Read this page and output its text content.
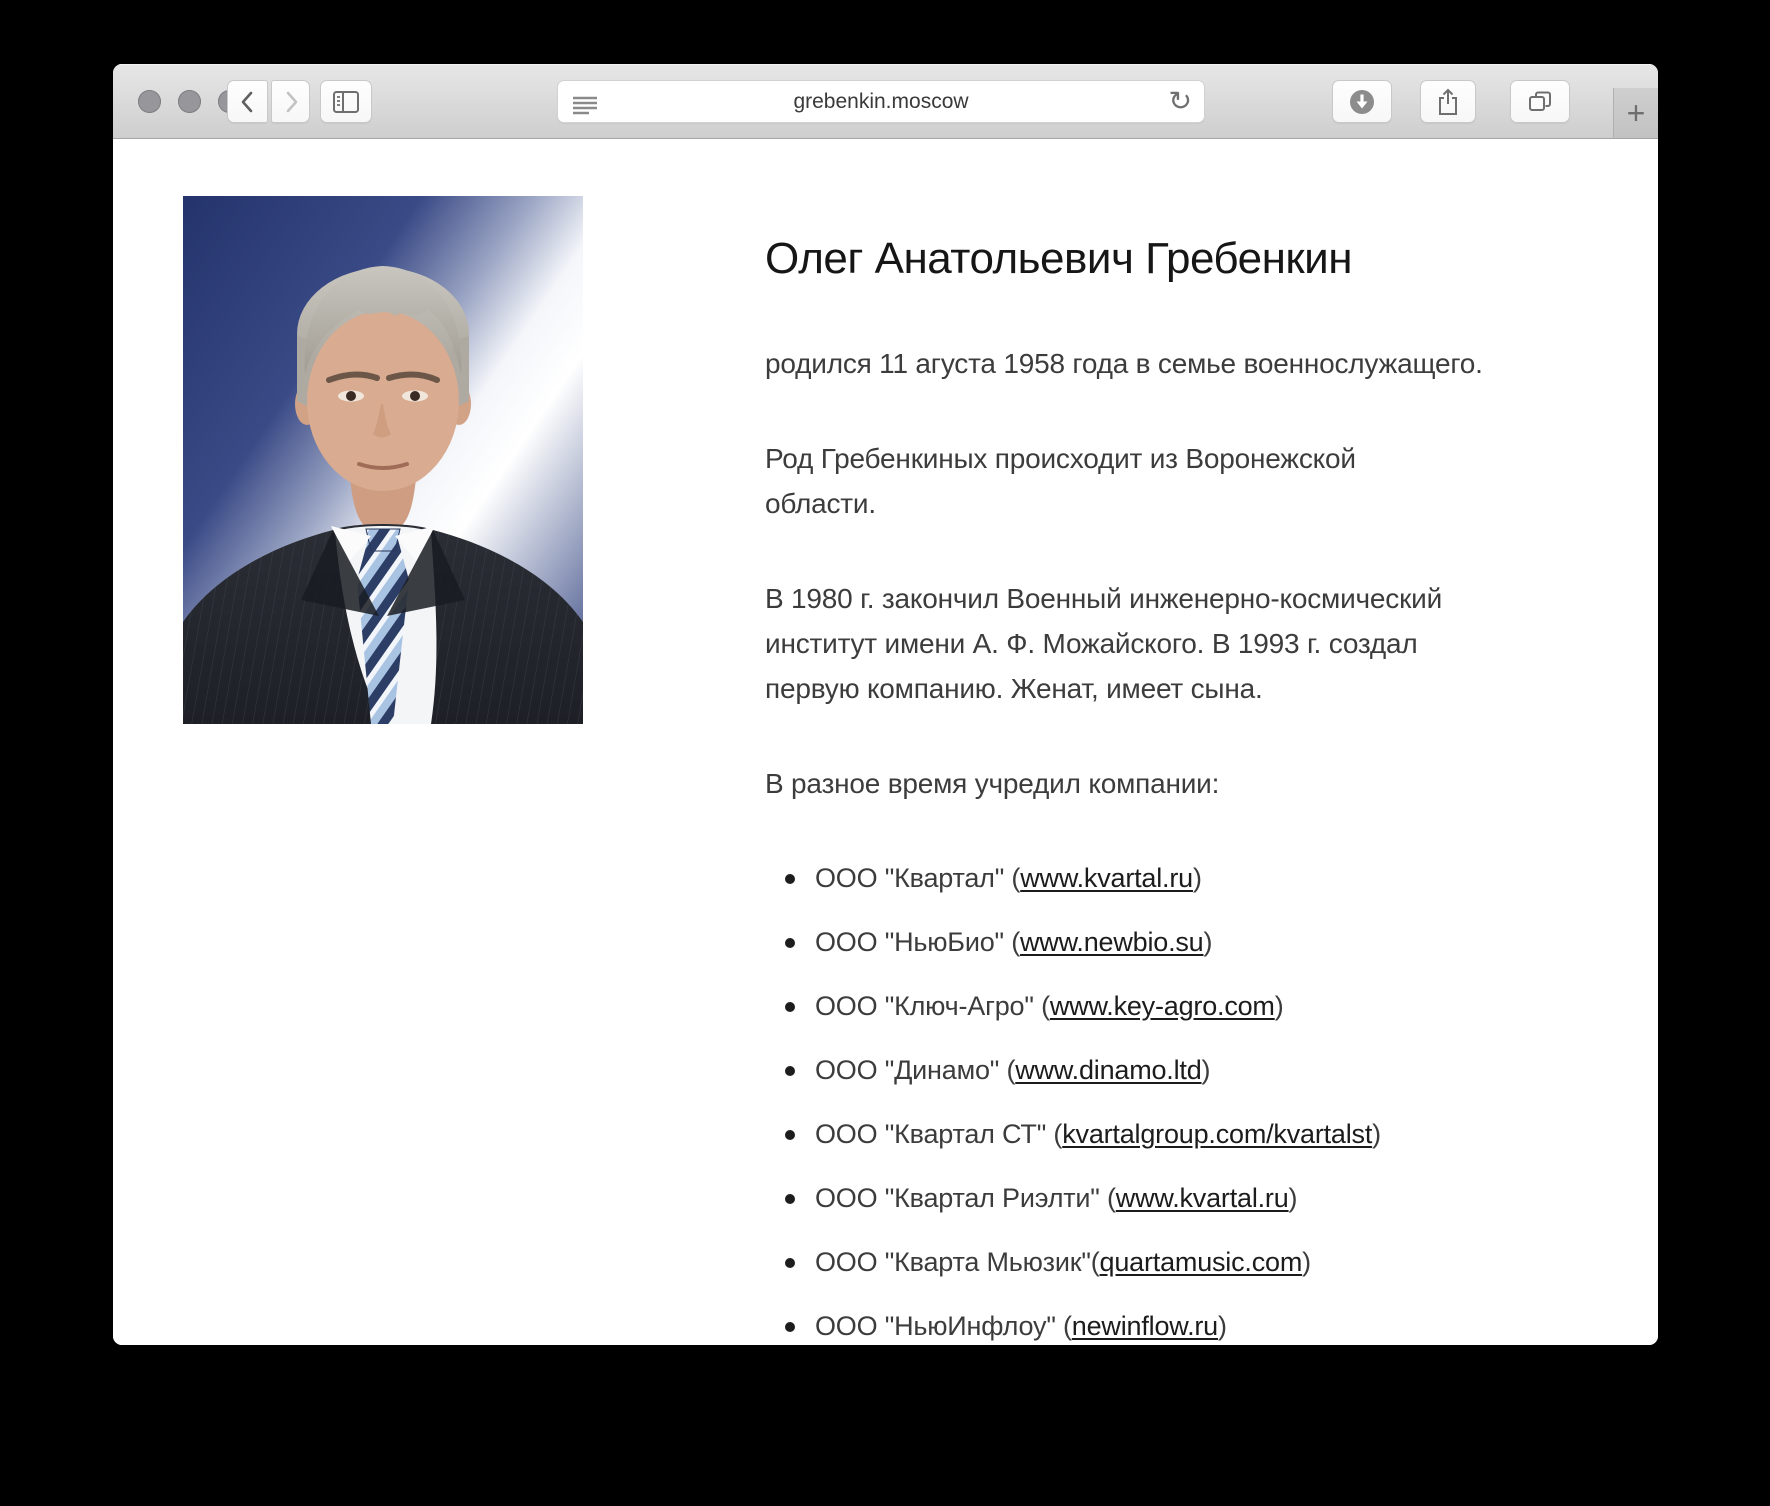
grebenkin.moscow	↻	+
Олег Анатольевич Гребенкин

родился 11 агуста 1958 года в семье военнослужащего.

Род Гребенкиных происходит из Воронежской
области.

В 1980 г. закончил Военный инженерно-космический
институт имени А. Ф. Можайского. В 1993 г. создал
первую компанию. Женат, имеет сына.

В разное время учредил компании:

ООО "Квартал" (www.kvartal.ru)
ООО "НьюБио" (www.newbio.su)
ООО "Ключ-Агро" (www.key-agro.com)
ООО "Динамо" (www.dinamo.ltd)
ООО "Квартал СТ" (kvartalgroup.com/kvartalst)
ООО "Квартал Риэлти" (www.kvartal.ru)
ООО "Кварта Мьюзик"(quartamusic.com)
ООО "НьюИнфлоу" (newinflow.ru)
